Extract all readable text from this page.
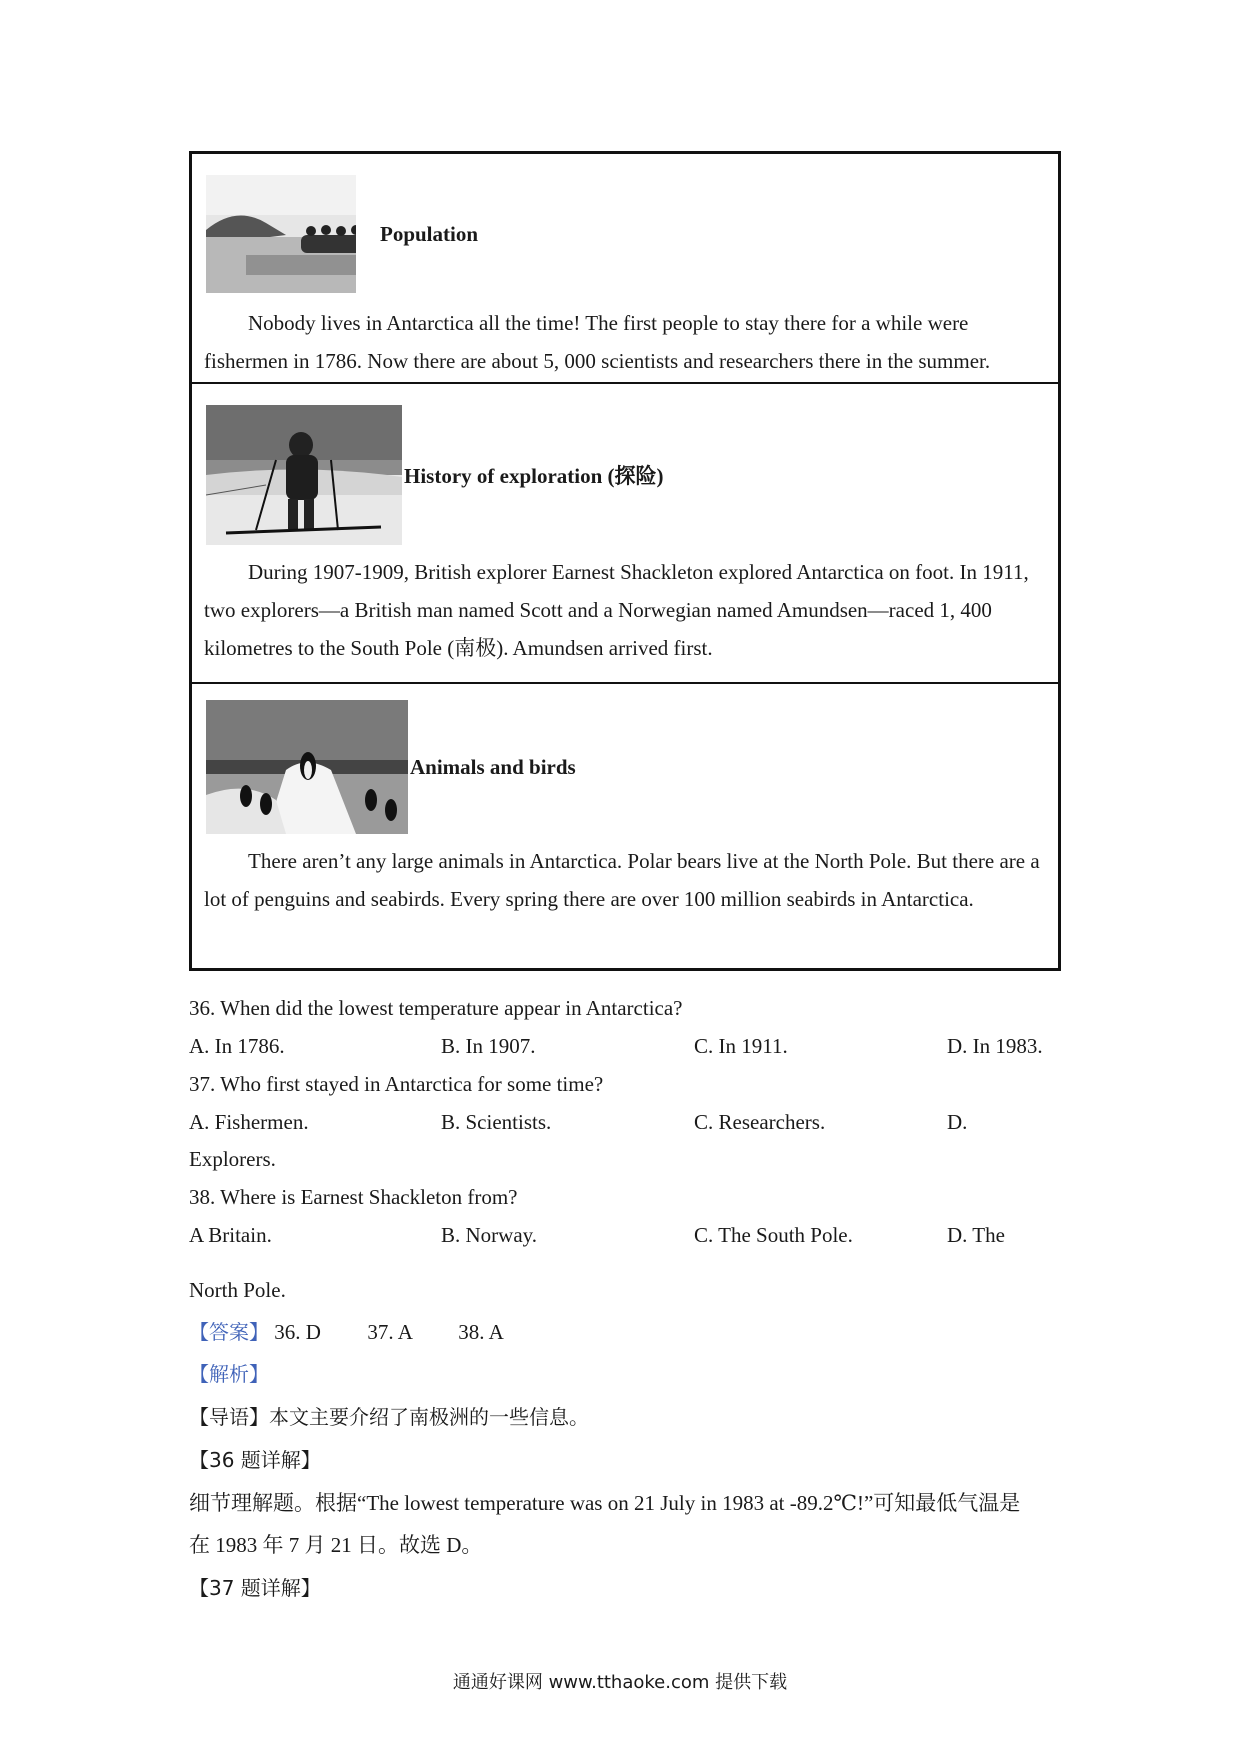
Population
Nobody lives in Antarctica all the time! The first people to stay there for a while were fishermen in 1786. Now there are about 5, 000 scientists and researchers there in the summer.
History of exploration (探险)
During 1907-1909, British explorer Earnest Shackleton explored Antarctica on foot. In 1911, two explorers—a British man named Scott and a Norwegian named Amundsen—raced 1, 400 kilometres to the South Pole (南极). Amundsen arrived first.
Animals and birds
There aren’t any large animals in Antarctica. Polar bears live at the North Pole. But there are a lot of penguins and seabirds. Every spring there are over 100 million seabirds in Antarctica.
36. When did the lowest temperature appear in Antarctica?
A. In 1786.	B. In 1907.	C. In 1911.	D. In 1983.
37. Who first stayed in Antarctica for some time?
A. Fishermen.	B. Scientists.	C. Researchers.	D.
Explorers.
38. Where is Earnest Shackleton from?
A Britain.	B. Norway.	C. The South Pole.	D. The
North Pole.
【答案】 36. D 37. A 38. A
【解析】
【导语】本文主要介绍了南极洲的一些信息。
【36 题详解】
细节理解题。根据“The lowest temperature was on 21 July in 1983 at -89.2℃!”可知最低气温是
在 1983 年 7 月 21 日。故选 D。
【37 题详解】
通通好课网 www.tthaoke.com 提供下载
